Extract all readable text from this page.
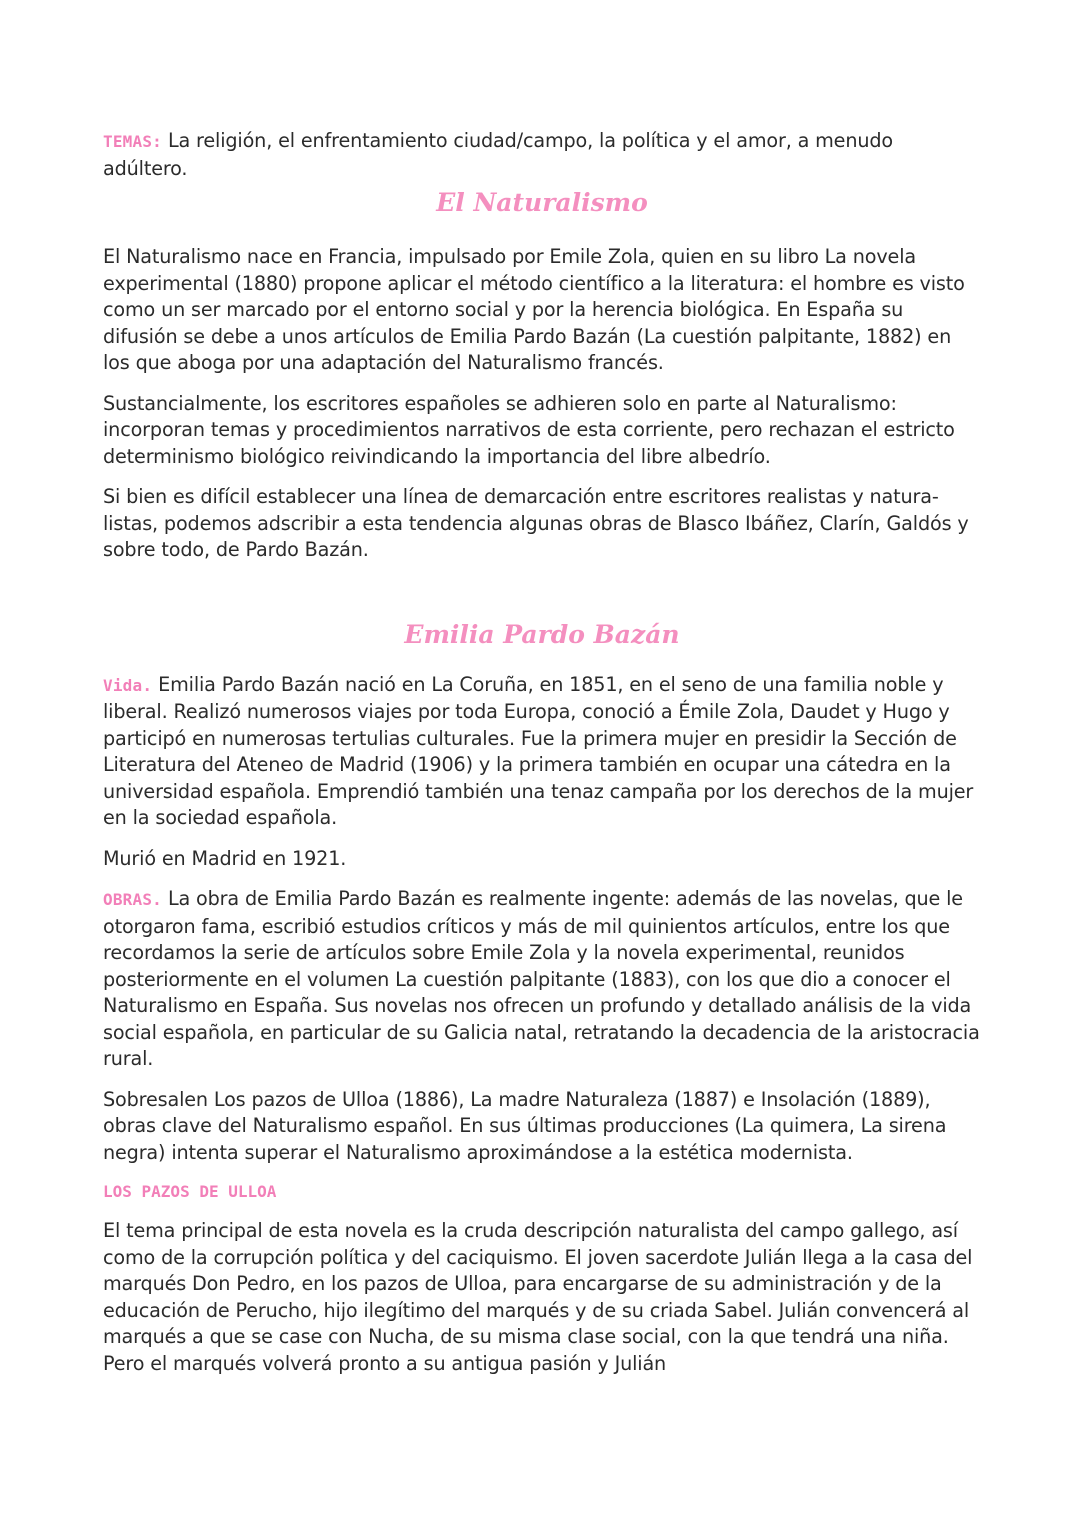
TEMAS: La religión, el enfrentamiento ciudad/campo, la política y el amor, a menudo adúltero.

El Naturalismo

El Naturalismo nace en Francia, impulsado por Emile Zola, quien en su libro La novela experimental (1880) propone aplicar el método científico a la literatura: el hombre es visto como un ser marcado por el entorno social y por la herencia biológica. En España su difusión se debe a unos artículos de Emilia Pardo Bazán (La cuestión palpitante, 1882) en los que aboga por una adaptación del Naturalismo francés.

Sustancialmente, los escritores españoles se adhieren solo en parte al Naturalismo: incorporan temas y procedimientos narrativos de esta corriente, pero rechazan el estricto determinismo biológico reivindicando la importancia del libre albedrío.

Si bien es difícil establecer una línea de demarcación entre escritores realistas y natura-listas, podemos adscribir a esta tendencia algunas obras de Blasco Ibáñez, Clarín, Galdós y sobre todo, de Pardo Bazán.

Emilia Pardo Bazán

Vida. Emilia Pardo Bazán nació en La Coruña, en 1851, en el seno de una familia noble y liberal. Realizó numerosos viajes por toda Europa, conoció a Émile Zola, Daudet y Hugo y participó en numerosas tertulias culturales. Fue la primera mujer en presidir la Sección de Literatura del Ateneo de Madrid (1906) y la primera también en ocupar una cátedra en la universidad española. Emprendió también una tenaz campaña por los derechos de la mujer en la sociedad española.

Murió en Madrid en 1921.

OBRAS. La obra de Emilia Pardo Bazán es realmente ingente: además de las novelas, que le otorgaron fama, escribió estudios críticos y más de mil quinientos artículos, entre los que recordamos la serie de artículos sobre Emile Zola y la novela experimental, reunidos posteriormente en el volumen La cuestión palpitante (1883), con los que dio a conocer el Naturalismo en España. Sus novelas nos ofrecen un profundo y detallado análisis de la vida social española, en particular de su Galicia natal, retratando la decadencia de la aristocracia rural.

Sobresalen Los pazos de Ulloa (1886), La madre Naturaleza (1887) e Insolación (1889), obras clave del Naturalismo español. En sus últimas producciones (La quimera, La sirena negra) intenta superar el Naturalismo aproximándose a la estética modernista.

LOS PAZOS DE ULLOA

El tema principal de esta novela es la cruda descripción naturalista del campo gallego, así como de la corrupción política y del caciquismo. El joven sacerdote Julián llega a la casa del marqués Don Pedro, en los pazos de Ulloa, para encargarse de su administración y de la educación de Perucho, hijo ilegítimo del marqués y de su criada Sabel. Julián convencerá al marqués a que se case con Nucha, de su misma clase social, con la que tendrá una niña. Pero el marqués volverá pronto a su antigua pasión y Julián
